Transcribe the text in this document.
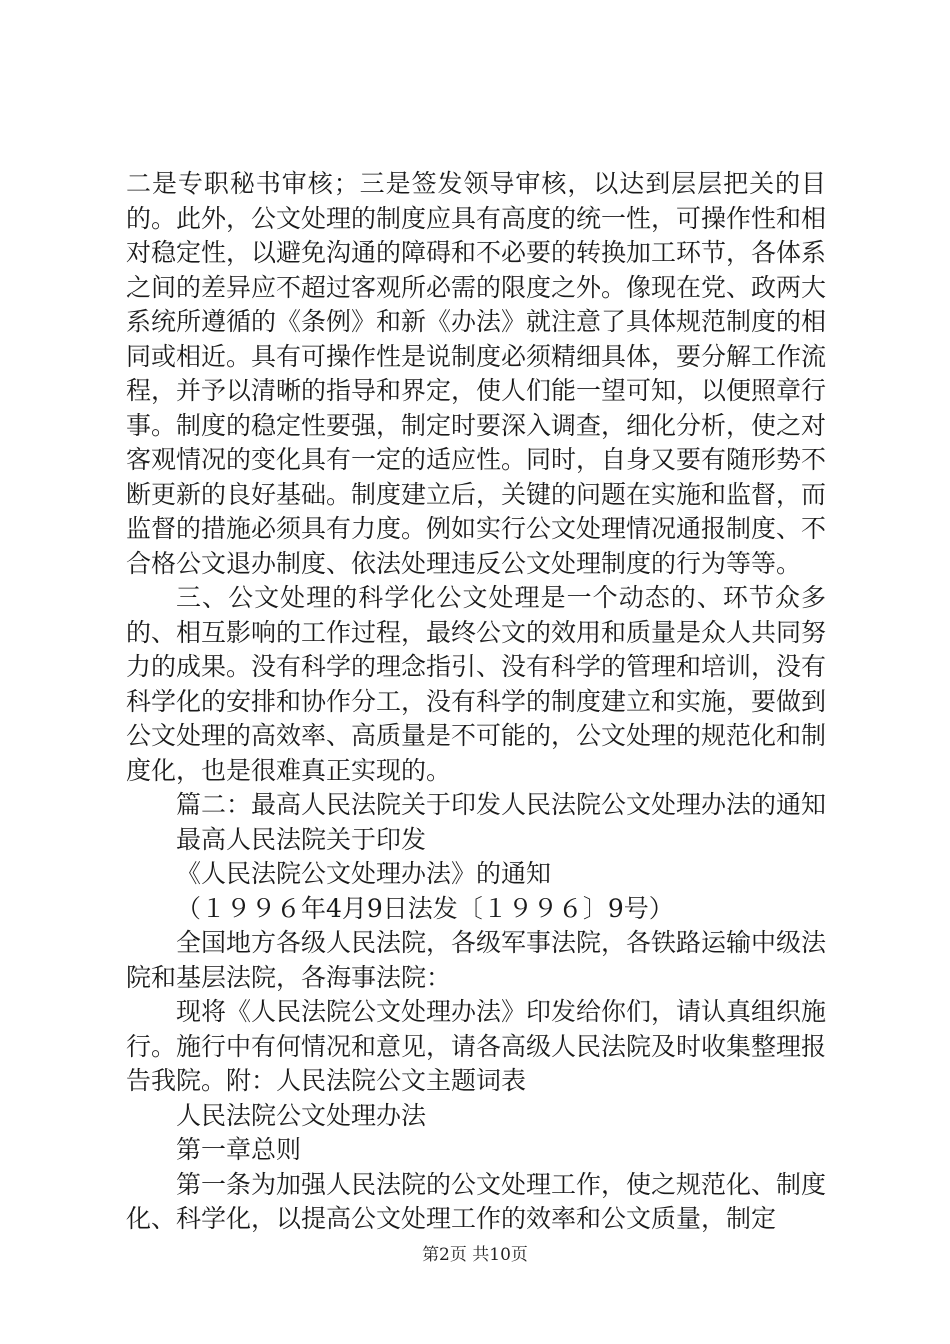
二是专职秘书审核；三是签发领导审核，以达到层层把关的目的。此外，公文处理的制度应具有高度的统一性，可操作性和相对稳定性，以避免沟通的障碍和不必要的转换加工环节，各体系之间的差异应不超过客观所必需的限度之外。像现在党、政两大系统所遵循的《条例》和新《办法》就注意了具体规范制度的相同或相近。具有可操作性是说制度必须精细具体，要分解工作流程，并予以清晰的指导和界定，使人们能一望可知，以便照章行事。制度的稳定性要强，制定时要深入调查，细化分析，使之对客观情况的变化具有一定的适应性。同时，自身又要有随形势不断更新的良好基础。制度建立后，关键的问题在实施和监督，而监督的措施必须具有力度。例如实行公文处理情况通报制度、不合格公文退办制度、依法处理违反公文处理制度的行为等等。

三、公文处理的科学化公文处理是一个动态的、环节众多的、相互影响的工作过程，最终公文的效用和质量是众人共同努力的成果。没有科学的理念指引、没有科学的管理和培训，没有科学化的安排和协作分工，没有科学的制度建立和实施，要做到公文处理的高效率、高质量是不可能的，公文处理的规范化和制度化，也是很难真正实现的。

篇二：最高人民法院关于印发人民法院公文处理办法的通知

最高人民法院关于印发

《人民法院公文处理办法》的通知

（１９９６年4月9日法发〔１９９６〕9号）

全国地方各级人民法院，各级军事法院，各铁路运输中级法院和基层法院，各海事法院：

现将《人民法院公文处理办法》印发给你们，请认真组织施行。施行中有何情况和意见，请各高级人民法院及时收集整理报告我院。附：人民法院公文主题词表

人民法院公文处理办法

第一章总则

第一条为加强人民法院的公文处理工作，使之规范化、制度化、科学化，以提高公文处理工作的效率和公文质量，制定

第2页 共10页
